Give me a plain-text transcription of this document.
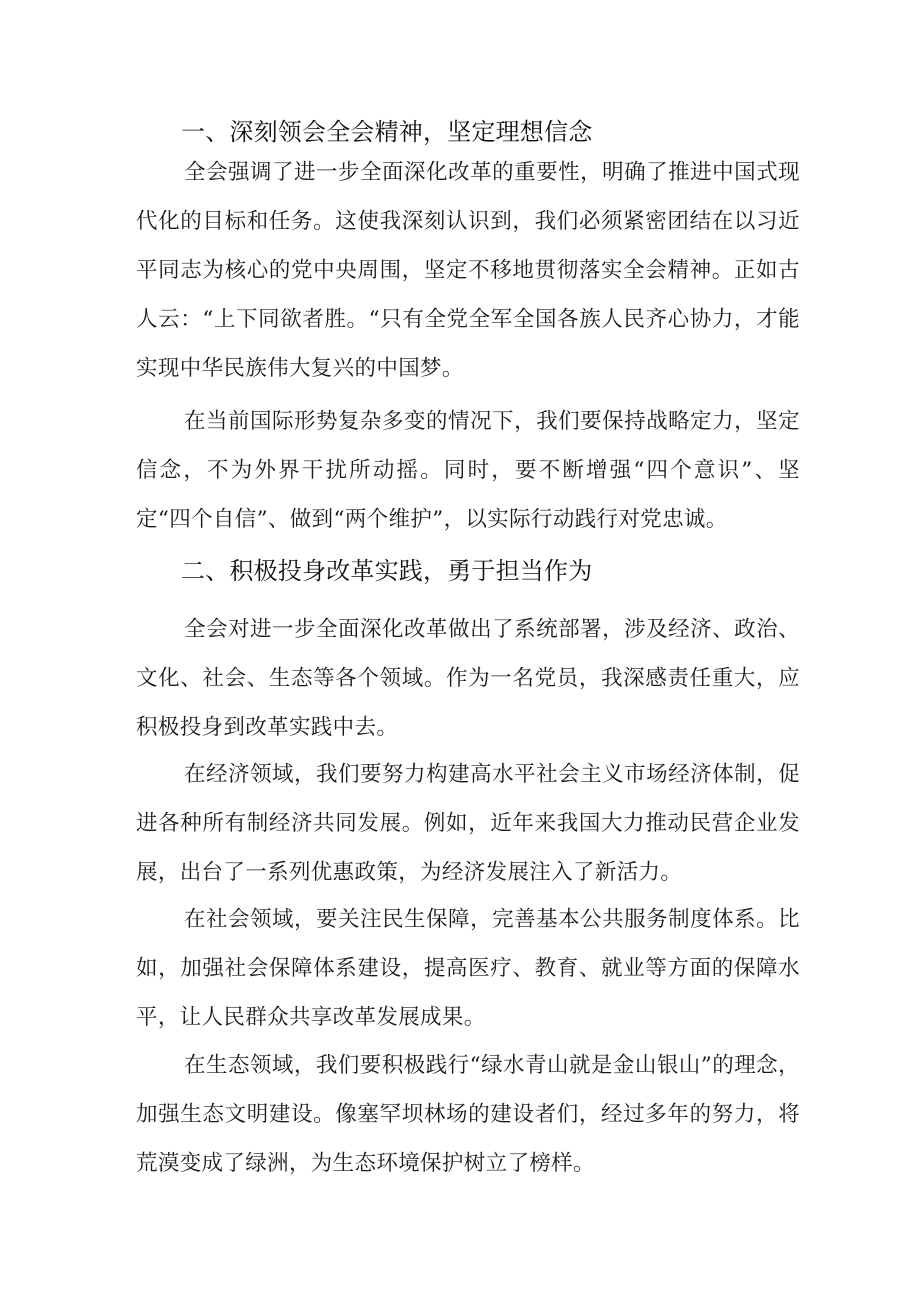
一、深刻领会全会精神，坚定理想信念

全会强调了进一步全面深化改革的重要性，明确了推进中国式现代化的目标和任务。这使我深刻认识到，我们必须紧密团结在以习近平同志为核心的党中央周围，坚定不移地贯彻落实全会精神。正如古人云：“上下同欲者胜。“只有全党全军全国各族人民齐心协力，才能实现中华民族伟大复兴的中国梦。

在当前国际形势复杂多变的情况下，我们要保持战略定力，坚定信念，不为外界干扰所动摇。同时，要不断增强“四个意识”、坚定“四个自信”、做到“两个维护”，以实际行动践行对党忠诚。

二、积极投身改革实践，勇于担当作为

全会对进一步全面深化改革做出了系统部署，涉及经济、政治、文化、社会、生态等各个领域。作为一名党员，我深感责任重大，应积极投身到改革实践中去。

在经济领域，我们要努力构建高水平社会主义市场经济体制，促进各种所有制经济共同发展。例如，近年来我国大力推动民营企业发展，出台了一系列优惠政策，为经济发展注入了新活力。

在社会领域，要关注民生保障，完善基本公共服务制度体系。比如，加强社会保障体系建设，提高医疗、教育、就业等方面的保障水平，让人民群众共享改革发展成果。

在生态领域，我们要积极践行“绿水青山就是金山银山”的理念，加强生态文明建设。像塞罕坝林场的建设者们，经过多年的努力，将荒漠变成了绿洲，为生态环境保护树立了榜样。
